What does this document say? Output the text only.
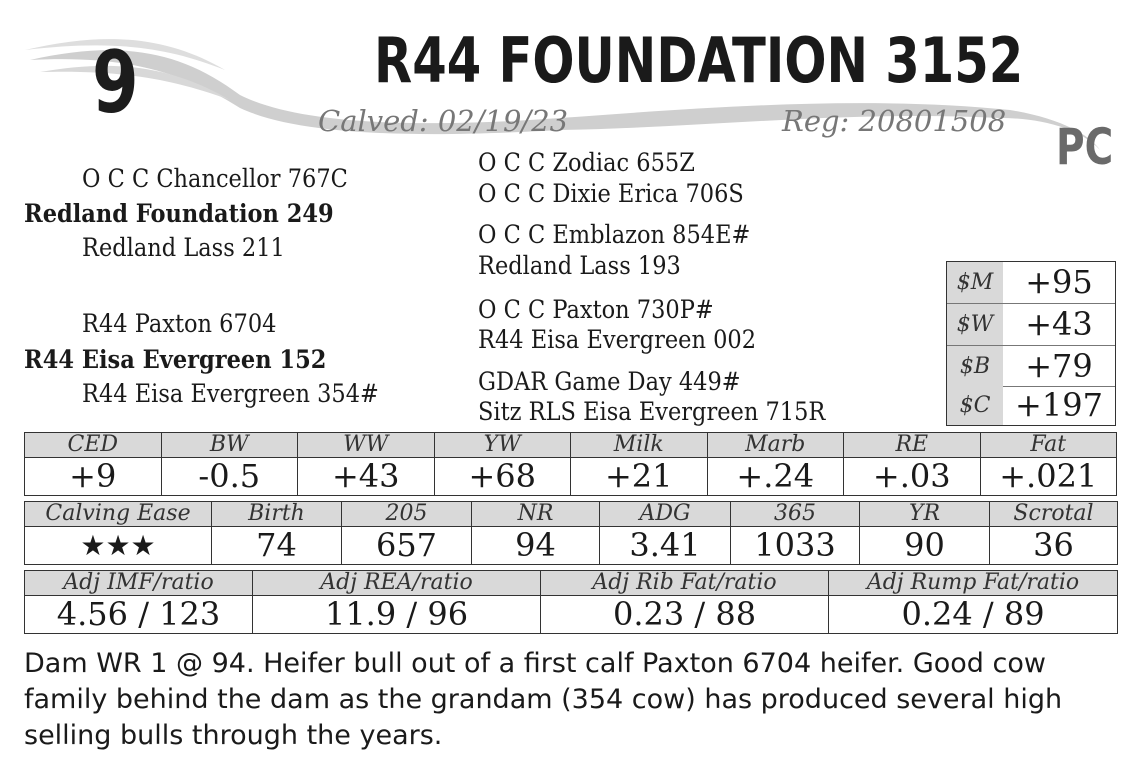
9	R44 FOUNDATION 3152
Calved: 02/19/23	Reg: 20801508 PC
O C C Chancellor 767C
Redland Foundation 249
Redland Lass 211
O C C Zodiac 655Z
O C C Dixie Erica 706S
O C C Emblazon 854E#
Redland Lass 193
R44 Paxton 6704
R44 Eisa Evergreen 152
R44 Eisa Evergreen 354#
O C C Paxton 730P#
R44 Eisa Evergreen 002
GDAR Game Day 449#
Sitz RLS Eisa Evergreen 715R
$M +95
$W +43
$B	+79
$C +197
CED	BW	WW	YW	Milk	Marb	RE	Fat
+9	-0.5	+43	+68	+21	+.24	+.03	+.021
Calving Ease	Birth	205	NR	ADG	365	YR	Scrotal
★★★	74	657	94	3.41	1033	90	36
Adj IMF/ratio	Adj REA/ratio	Adj Rib Fat/ratio	Adj Rump Fat/ratio
4.56 / 123	11.9 / 96	0.23 / 88	0.24 / 89
Dam WR 1 @ 94. Heifer bull out of a first calf Paxton 6704 heifer. Good cow family behind the dam as the grandam (354 cow) has produced several high selling bulls through the years.
